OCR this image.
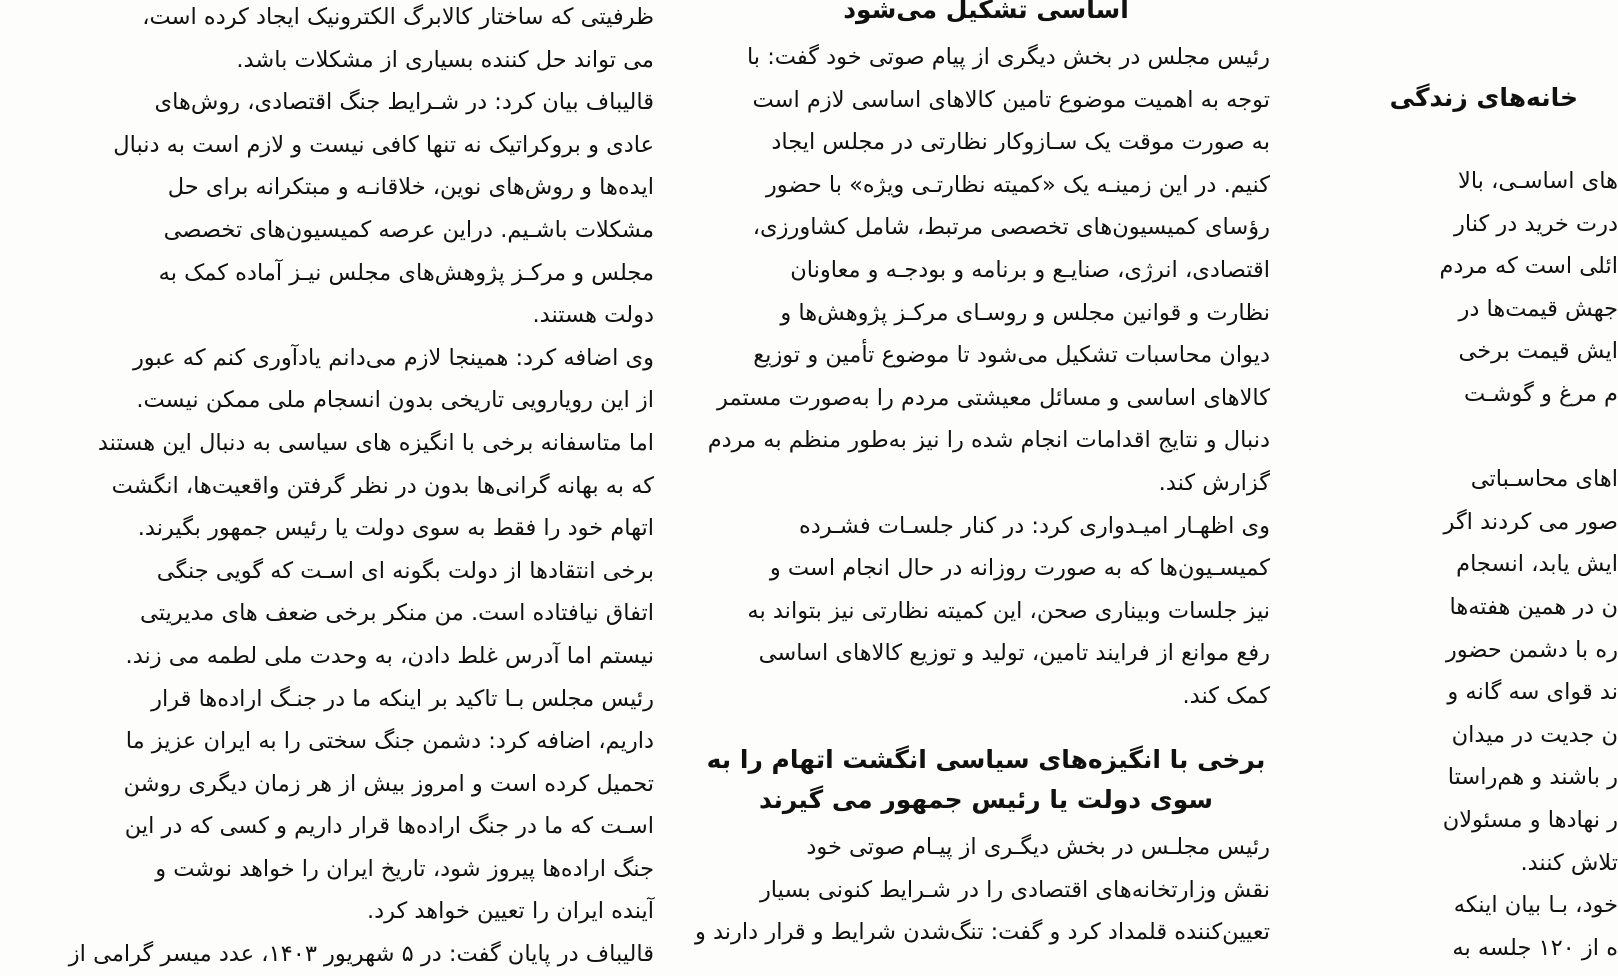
ظرفیتی که ساختار کالابرگ الکترونیک ایجاد کرده است،
می تواند حل کننده بسیاری از مشکلات باشد.
قالیباف بیان کرد: در شـرایط جنگ اقتصادی، روش‌های
عادی و بروکراتیک نه تنها کافی نیست و لازم است به دنبال
ایده‌ها و روش‌های نوین، خلاقانـه و مبتکرانه برای حل
مشکلات باشـیم. دراین عرصه کمیسیون‌های تخصصی
مجلس و مرکـز پژوهش‌های مجلس نیـز آماده کمک به
دولت هستند.
وی اضافه کرد: همینجا لازم می‌دانم یادآوری کنم که عبور
از این رویارویی تاریخی بدون انسجام ملی ممکن نیست.
اما متاسفانه برخی با انگیزه های سیاسی به دنبال این هستند
که به بهانه گرانی‌ها بدون در نظر گرفتن واقعیت‌ها، انگشت
اتهام خود را فقط به سوی دولت یا رئیس جمهور بگیرند.
برخی انتقادها از دولت بگونه ای اسـت که گویی جنگی
اتفاق نیافتاده است. من منکر برخی ضعف های مدیریتی
نیستم اما آدرس غلط دادن، به وحدت ملی لطمه می زند.
رئیس مجلس بـا تاکید بر اینکه ما در جنـگ اراده‌ها قرار
داریم، اضافه کرد: دشمن جنگ سختی را به ایران عزیز ما
تحمیل کرده است و امروز بیش از هر زمان دیگری روشن
اسـت که ما در جنگ اراده‌ها قرار داریم و کسی که در این
جنگ اراده‌ها پیروز شود، تاریخ ایران را خواهد نوشت و
آینده ایران را تعیین خواهد کرد.
قالیباف در پایان گفت: در ۵ شهریور ۱۴۰۳، عدد میسر گرامی از
اساسی تشکیل می‌شود
رئیس مجلس در بخش دیگری از پیام صوتی خود گفت: با
توجه به اهمیت موضوع تامین کالاهای اساسی لازم است
به صورت موقت یک سـازوکار نظارتی در مجلس ایجاد
کنیم. در این زمینـه یک «کمیته نظارتـی ویژه» با حضور
رؤسای کمیسیون‌های تخصصی مرتبط، شامل کشاورزی،
اقتصادی، انرژی، صنایـع و برنامه و بودجـه و معاونان
نظارت و قوانین مجلس و روسـای مرکـز پژوهش‌ها و
دیوان محاسبات تشکیل می‌شود تا موضوع تأمین و توزیع
کالاهای اساسی و مسائل معیشتی مردم را به‌صورت مستمر
دنبال و نتایج اقدامات انجام شده را نیز به‌طور منظم به مردم
گزارش کند.
وی اظهـار امیـدواری کرد: در کنار جلسـات فشـرده
کمیسـیون‌ها که به صورت روزانه در حال انجام است و
نیز جلسات وبیناری صحن، این کمیته نظارتی نیز بتواند به
رفع موانع از فرایند تامین، تولید و توزیع کالاهای اساسی
کمک کند.
برخی با انگیزه‌های سیاسی انگشت اتهام را به
سوی دولت یا رئیس جمهور می گیرند
رئیس مجلـس در بخش دیگـری از پیـام صوتی خود
نقش وزارتخانه‌های اقتصادی را در شـرایط کنونی بسیار
تعیین‌کننده قلمداد کرد و گفت: تنگ‌شدن شرایط و قرار دارند و
خانه‌های زندگی
های اساسـی، بالا
درت خرید در کنار
ائلی است که مردم
جهش قیمت‌ها در
ایش قیمت برخی
م مرغ و گوشـت
اهای محاسـباتی
صور می کردند اگر
ایش یابد، انسجام
ن در همین هفته‌ها
ره با دشمن حضور
ند قوای سه گانه و
ن جدیت در میدان
ر باشند و هم‌راستا
ر نهادها و مسئولان
تلاش کنند.
خود، بـا بیان اینکه
ه از ۱۲۰ جلسه به
